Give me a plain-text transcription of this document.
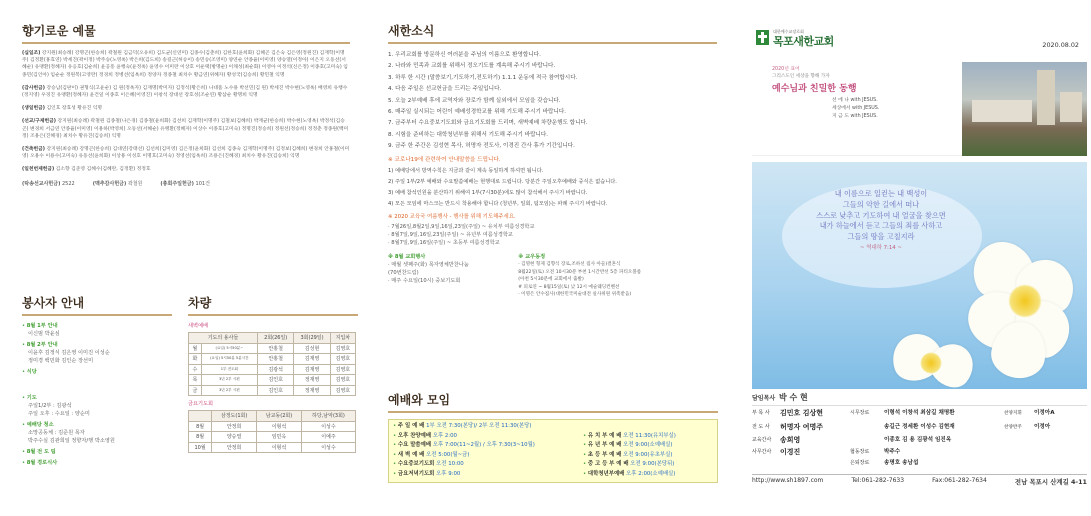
향기로운 예물
(십일조) 강지원(최승례) 강명곤(한승희) 곽철원 김금덕(오유희) 김도균(신연미) 김종수(김춘희) 김한호(윤희화) 김혜곤 김은숙 김은영(정원진) 김재학(이명주) 김정환(홍효연) 박세진(곽이정) 박주승(노영옥) 박은희(김도희) 송길근(허승이) 송민승(조영미) 양연순 안종율(이미영) 양승열(이정아) 이은지 오동선(서혜순) 유맹환(정혜자) 유응호(김순희) 윤공흥 윤행숙(윤정옥) 윤영수 이미란 이상호 이운택(방명순) 이채성(최순화) 이영아 이정석(신은정) 이종호(고미숙) 임종민(김인아) 임순순 정원복(고영란) 정경희 정병선(임옥희) 정양자 정종철 최치수 황금연(위혜자) 황성국(김승희) 황민철 익명
(감사헌금) 강승남(김판이) 권형식(고윤순) 김 원(정옥자) 김재명(박미자) 김정석(황은희) 나대흠 노수용 박선민(김 원) 박세진 박수현(노영옥) 배영희 유행수(정지영) 우경진 유맹환(정혜자) 윤건일 이종호 이은혜(이영진) 이창석 장대선 장호성(조순연) 황삼순 황명희 익명
(생일헌금) 김인호 장효성 황유진 익명
(선교/구제헌금) 강지원(최승례) 곽철원 김종철(나은경) 김종철(윤희화) 김선희 김재학(이명주) 김철보(김혜희) 박재균(한승희) 박수현(노영옥) 박정석(김승곤) 변경희 서금연 안종율(이미영) 이용하(박영희) 오동선(서혜순) 유맹환(정혜자) 이상수 이종호(고미숙) 정명진(정승희) 정원선(정승희) 정정춘 정종원(백미정) 조용은(진혜경) 최치수 황유진(김승희) 익명
(건축헌금) 강지원(최승례) 강명곤(한승희) 김대연(강태선) 김선희(김미영) 김은정(윤희화) 김선희 김종숙 김재학(이명주) 김정보(김혜희) 변경희 안홍철(이미영) 오용수 이용수(고미숙) 유동선(윤희화) 이상용 이성호 이명호(고미숙) 정영선(임옥희) 조용은(진혜경) 최치수 황유진(김승희) 익명
(일천번제헌금) 김소향 김준영 김혜수(김혜란, 김정환) 정정호
(탁송선교사헌금) 2522	(맥추감사헌금) 곽철원	(총회주일헌금) 101건
봉사자 안내
• 8월 1부 안내
이신범 박윤심
• 8월 2부 안내
이윤후 김정식 김은영 이미진 이성순
정미경 백민화 김인순 장선미
• 식당
• 기도
주일1/2부 : 김광석
주일 오후 : 수요일 : 양순미
• 예배당 청소
소망공동체 : 김준원 목자
박주수실 김관희일 정향자/행 박소영원
• 8월 전 도 팀
• 8월 경로식사
차량
새벽예배
기도의 용사들		2회(26일)	3회(29일)	지입차
월	(요일) 5시50분~	안홍철	김성현	김영호
화	(요일) 5시50분 5분시간	안홍철	김재영	김영호
수	1부 전도회	김광석	김재영	김영호
목	3년 2부 시편	김인호	정재영	김영호
금	3년 2부 시편	김인호	정재영	김영호
금요기도회
	삼정도(1회)	남교동(2회)	하당,남악(3회)
8월	안정희	이형석	이성수
8월	양승열	임민옥	이예주
10월	안정희	이형석	이성수
새한소식
1. 우리교회를 방문하신 여러분을 주님의 이름으로 환영합니다.
2. 나라와 민족과 교회를 위해서 정오기도를 계속해 주시기 바랍니다.
3. 하루 한 시간 (말씀보기,기도하기,전도하기) 1.1.1 운동에 적극 참여합시다.
4. 다음 주일은 선교헌금을 드리는 주일입니다.
5. 오늘 2부예배 후에 교역자와 장로가 함께 실외에서 모임을 갖습니다.
6. 매주일 실시되는 어린이 예배성경학교를 위해 기도해 주시기 바랍니다.
7. 금주부터 수요중보기도회와 금요기도회를 드리며, 새벽예배 차량운행도 합니다.
8. 시험을 준비하는 대학청년부를 위해서 기도해 주시기 바랍니다.
9. 금주 한 주간은 김성현 목사, 허명자 전도사, 이경진 간사 휴가 기간입니다.
※ 코로나19에 관련하여 안내말씀을 드립니다.
1) 예배당에서 방역수칙은 지금과 같이 계속 동일하게 하셔면 됩니다.
2) 주일 1부/2부 예배와 수요말씀예배는 현행대로 드립니다. 당분간 주일오후예배와 중식은 없습니다.
3) 예배 참석인원을 분산하기 위해여 1부(7시30분)에도 많이 참석해서 주시기 바랍니다.
4) 모든 모임에 마스크는 반드시 착용해야 합니다 (청년부, 일회, 팀모임)는 파례 주시기 바랍니다.
※ 2020 교육국 여름행사 - 행사를 위해 기도해주세요.
· 7월26일,8월2일,9일,16일,23일(주일) ~ 유치부 여름성경학교
· 8월7일,9일,16일,23일(주일) ~ 유년부 여름성경학교
· 8월7일,9일,16일(주일) ~ 초등부 여름성경학교
※ 8월 교회행사
· 매월 셋째주(화) 목자영체반찬나눔
(70번찬드림)
· 매주 수요일(10시) 중보기도회
※ 교우동정
· 김명현 형제 김향식 장로,조하선 집사 아들)결혼식
8월22일(토) 오전 10시30분 부천 1시간반선 5층 파티오볼룸
(아천 5시30분에 교회에서 출발)
# 피로연 ~ 8월15일(토) 낮 12시 예술웨딩컨벤션
· 이명은 안수집사(대한민국미술대전 실사위원 위촉받음)
예배와 모임
• 주 일 예 배 1부 오전 7:30(본당)/ 2부 오전 11:30(본당)
• 오후 찬양예배 오후 2:00
• 수요 말씀예배 오후 7:00(11~2월) / 오후 7:30(3~10월)
• 새 벽 예 배 오전 5:00(월~금)
• 수요중보기도회 오전 10:00
• 금요저녁기도회 오후 9:00
• 유 치 부 예 배 오전 11:30(유치부실)
• 유 년 부 예 배 오전 9:00(소예배실)
• 초 등 부 예 배 오전 9:00(유초부실)
• 중 고 등 부 예 배 오전 9:00(본당뒤)
• 대학청년부예배 오후 2:00(소예배실)
대한예수교장로회
목포새한교회	2020.08.02
2020년 표어
그리스도인 세상을 향해 가자
예수님과 친밀한 동행
선 에 나 with JESUS.
세상에서 with JESUS.
지 금 도 with JESUS.
내 이름으로 일컫는 내 백성이
그들의 악한 길에서 떠나
스스로 낮추고 기도하여 내 얼굴을 찾으면
내가 하늘에서 듣고 그들의 죄를 사하고
그들의 땅을 고칠지라
~ 역대하 7:14 ~
담임목사 박 수 현
부 목 사	김민호 김상현	시무장로	이형석 이창석 최삼길 채명환	찬양지휘	이정아A
전 도 사	허명자 여명주	송길근 정세환 이성수 김현재	찬양반주	이정아
교육간사	송희영	이종호 김 용 김광석 임진옥
사무간사	이경진	협동장로	박주수
은퇴장로	송명호 송남섭
http://www.sh1897.com	Tel:061-282-7633	Fax:061-282-7634	전남 목포시 산계길 4-11
